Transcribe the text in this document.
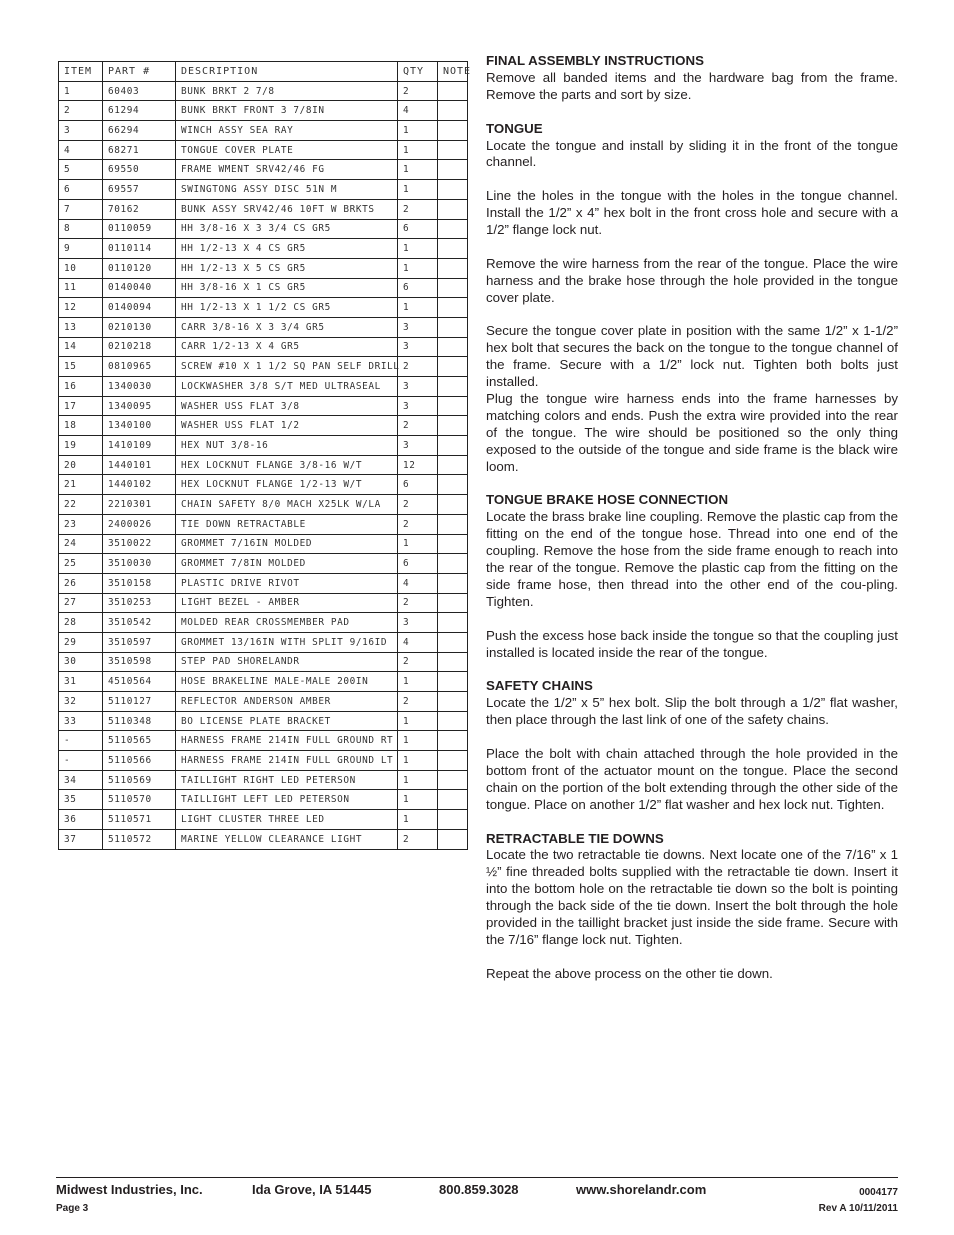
ITEM	PART #	DESCRIPTION	QTY	NOTE
1	60403	BUNK BRKT 2 7/8	2	
2	61294	BUNK BRKT FRONT 3 7/8IN	4	
3	66294	WINCH ASSY SEA RAY	1	
4	68271	TONGUE COVER PLATE	1	
5	69550	FRAME WMENT SRV42/46 FG	1	
6	69557	SWINGTONG ASSY DISC 51N M	1	
7	70162	BUNK ASSY SRV42/46 10FT W BRKTS	2	
8	0110059	HH 3/8-16 X 3 3/4 CS GR5	6	
9	0110114	HH 1/2-13 X 4 CS GR5	1	
10	0110120	HH 1/2-13 X 5 CS GR5	1	
11	0140040	HH 3/8-16 X 1 CS GR5	6	
12	0140094	HH 1/2-13 X 1 1/2 CS GR5	1	
13	0210130	CARR 3/8-16 X 3 3/4 GR5	3	
14	0210218	CARR 1/2-13 X 4 GR5	3	
15	0810965	SCREW #10 X 1 1/2 SQ PAN SELF DRILL	2	
16	1340030	LOCKWASHER 3/8 S/T MED ULTRASEAL	3	
17	1340095	WASHER USS FLAT 3/8	3	
18	1340100	WASHER USS FLAT 1/2	2	
19	1410109	HEX NUT 3/8-16	3	
20	1440101	HEX LOCKNUT FLANGE 3/8-16 W/T	12	
21	1440102	HEX LOCKNUT FLANGE 1/2-13 W/T	6	
22	2210301	CHAIN SAFETY 8/0 MACH X25LK W/LA	2	
23	2400026	TIE DOWN RETRACTABLE	2	
24	3510022	GROMMET 7/16IN MOLDED	1	
25	3510030	GROMMET 7/8IN MOLDED	6	
26	3510158	PLASTIC DRIVE RIVOT	4	
27	3510253	LIGHT BEZEL - AMBER	2	
28	3510542	MOLDED REAR CROSSMEMBER PAD	3	
29	3510597	GROMMET 13/16IN WITH SPLIT 9/16ID	4	
30	3510598	STEP PAD SHORELANDR	2	
31	4510564	HOSE BRAKELINE MALE-MALE 200IN	1	
32	5110127	REFLECTOR ANDERSON AMBER	2	
33	5110348	BO LICENSE PLATE BRACKET	1	
-	5110565	HARNESS FRAME 214IN FULL GROUND RT	1	
-	5110566	HARNESS FRAME 214IN FULL GROUND LT	1	
34	5110569	TAILLIGHT RIGHT LED PETERSON	1	
35	5110570	TAILLIGHT LEFT LED PETERSON	1	
36	5110571	LIGHT CLUSTER THREE LED	1	
37	5110572	MARINE YELLOW CLEARANCE LIGHT	2	
FINAL ASSEMBLY INSTRUCTIONS

Remove all banded items and the hardware bag from the frame. Remove the parts and sort by size.

TONGUE

Locate the tongue and install by sliding it in the front of the tongue channel.

Line the holes in the tongue with the holes in the tongue channel. Install the 1/2” x 4” hex bolt in the front cross hole and secure with a 1/2” flange lock nut.

Remove the wire harness from the rear of the tongue. Place the wire harness and the brake hose through the hole provided in the tongue cover plate.

Secure the tongue cover plate in position with the same 1/2” x 1-1/2” hex bolt that secures the back on the tongue to the tongue channel of the frame. Secure with a 1/2” lock nut. Tighten both bolts just installed.

Plug the tongue wire harness ends into the frame harnesses by matching colors and ends. Push the extra wire provided into the rear of the tongue. The wire should be positioned so the only thing exposed to the outside of the tongue and side frame is the black wire loom.

TONGUE BRAKE HOSE CONNECTION

Locate the brass brake line coupling. Remove the plastic cap from the fitting on the end of the tongue hose. Thread into one end of the coupling. Remove the hose from the side frame enough to reach into the rear of the tongue. Remove the plastic cap from the fitting on the side frame hose, then thread into the other end of the cou-pling. Tighten.

Push the excess hose back inside the tongue so that the coupling just installed is located inside the rear of the tongue.

SAFETY CHAINS

Locate the 1/2” x 5” hex bolt. Slip the bolt through a 1/2” flat washer, then place through the last link of one of the safety chains.

Place the bolt with chain attached through the hole provided in the bottom front of the actuator mount on the tongue. Place the second chain on the portion of the bolt extending through the other side of the tongue. Place on another 1/2” flat washer and hex lock nut. Tighten.

RETRACTABLE TIE DOWNS

Locate the two retractable tie downs. Next locate one of the 7/16” x 1 ½” fine threaded bolts supplied with the retractable tie down. Insert it into the bottom hole on the retractable tie down so the bolt is pointing through the back side of the tie down. Insert the bolt through the hole provided in the taillight bracket just inside the side frame. Secure with the 7/16” flange lock nut. Tighten.

Repeat the above process on the other tie down.

Midwest Industries, Inc.	Ida Grove, IA 51445	800.859.3028	www.shorelandr.com	0004177
Page 3	Rev A 10/11/2011
